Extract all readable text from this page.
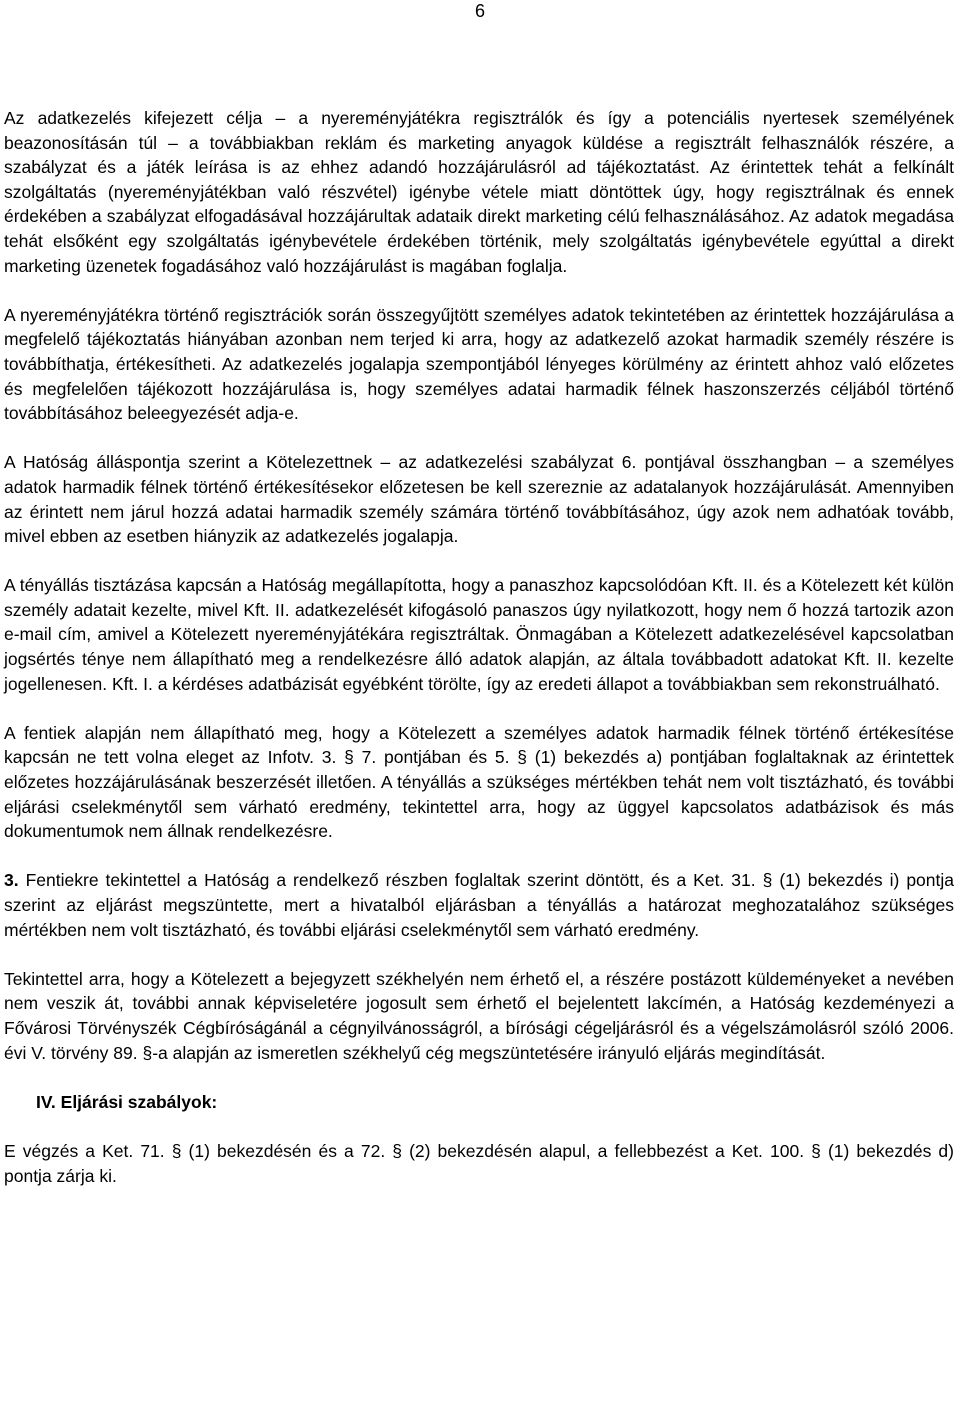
6

Az adatkezelés kifejezett célja – a nyereményjátékra regisztrálók és így a potenciális nyertesek személyének beazonosításán túl – a továbbiakban reklám és marketing anyagok küldése a regisztrált felhasználók részére, a szabályzat és a játék leírása is az ehhez adandó hozzájárulásról ad tájékoztatást. Az érintettek tehát a felkínált szolgáltatás (nyereményjátékban való részvétel) igénybe vétele miatt döntöttek úgy, hogy regisztrálnak és ennek érdekében a szabályzat elfogadásával hozzájárultak adataik direkt marketing célú felhasználásához. Az adatok megadása tehát elsőként egy szolgáltatás igénybevétele érdekében történik, mely szolgáltatás igénybevétele egyúttal a direkt marketing üzenetek fogadásához való hozzájárulást is magában foglalja.

A nyereményjátékra történő regisztrációk során összegyűjtött személyes adatok tekintetében az érintettek hozzájárulása a megfelelő tájékoztatás hiányában azonban nem terjed ki arra, hogy az adatkezelő azokat harmadik személy részére is továbbíthatja, értékesítheti. Az adatkezelés jogalapja szempontjából lényeges körülmény az érintett ahhoz való előzetes és megfelelően tájékozott hozzájárulása is, hogy személyes adatai harmadik félnek haszonszerzés céljából történő továbbításához beleegyezését adja-e.

A Hatóság álláspontja szerint a Kötelezettnek – az adatkezelési szabályzat 6. pontjával összhangban – a személyes adatok harmadik félnek történő értékesítésekor előzetesen be kell szereznie az adatalanyok hozzájárulását. Amennyiben az érintett nem járul hozzá adatai harmadik személy számára történő továbbításához, úgy azok nem adhatóak tovább, mivel ebben az esetben hiányzik az adatkezelés jogalapja.

A tényállás tisztázása kapcsán a Hatóság megállapította, hogy a panaszhoz kapcsolódóan Kft. II. és a Kötelezett két külön személy adatait kezelte, mivel Kft. II. adatkezelését kifogásoló panaszos úgy nyilatkozott, hogy nem ő hozzá tartozik azon e-mail cím, amivel a Kötelezett nyereményjátékára regisztráltak. Önmagában a Kötelezett adatkezelésével kapcsolatban jogsértés ténye nem állapítható meg a rendelkezésre álló adatok alapján, az általa továbbadott adatokat Kft. II. kezelte jogellenesen. Kft. I. a kérdéses adatbázisát egyébként törölte, így az eredeti állapot a továbbiakban sem rekonstruálható.

A fentiek alapján nem állapítható meg, hogy a Kötelezett a személyes adatok harmadik félnek történő értékesítése kapcsán ne tett volna eleget az Infotv. 3. § 7. pontjában és 5. § (1) bekezdés a) pontjában foglaltaknak az érintettek előzetes hozzájárulásának beszerzését illetően. A tényállás a szükséges mértékben tehát nem volt tisztázható, és további eljárási cselekménytől sem várható eredmény, tekintettel arra, hogy az üggyel kapcsolatos adatbázisok és más dokumentumok nem állnak rendelkezésre.

3. Fentiekre tekintettel a Hatóság a rendelkező részben foglaltak szerint döntött, és a Ket. 31. § (1) bekezdés i) pontja szerint az eljárást megszüntette, mert a hivatalból eljárásban a tényállás a határozat meghozatalához szükséges mértékben nem volt tisztázható, és további eljárási cselekménytől sem várható eredmény.

Tekintettel arra, hogy a Kötelezett a bejegyzett székhelyén nem érhető el, a részére postázott küldeményeket a nevében nem veszik át, további annak képviseletére jogosult sem érhető el bejelentett lakcímén, a Hatóság kezdeményezi a Fővárosi Törvényszék Cégbíróságánál a cégnyilvánosságról, a bírósági cégeljárásról és a végelszámolásról szóló 2006. évi V. törvény 89. §-a alapján az ismeretlen székhelyű cég megszüntetésére irányuló eljárás megindítását.

IV. Eljárási szabályok:

E végzés a Ket. 71. § (1) bekezdésén és a 72. § (2) bekezdésén alapul, a fellebbezést a Ket. 100. § (1) bekezdés d) pontja zárja ki.
